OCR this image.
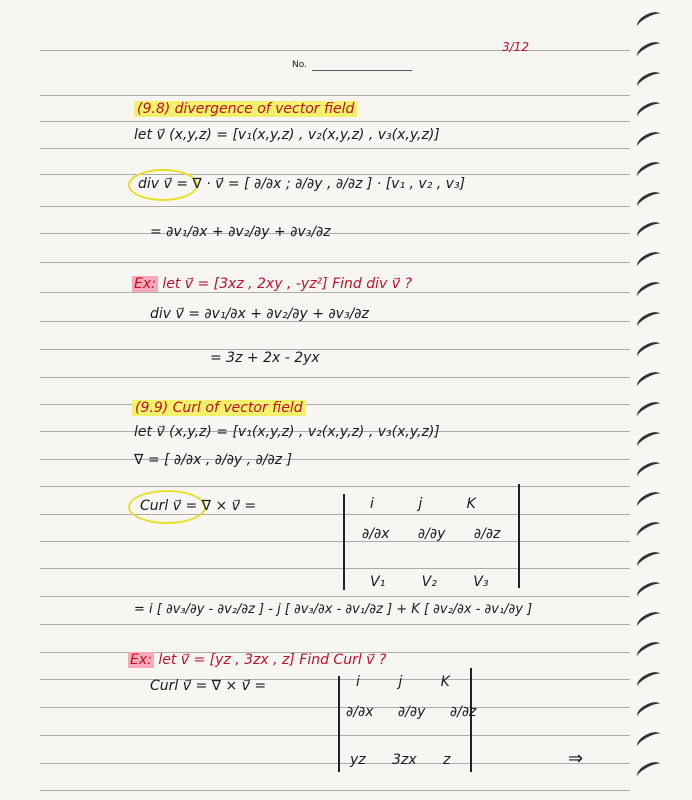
No.
3/12
(9.8) divergence of vector field
let v⃗ (x,y,z) = [v₁(x,y,z) , v₂(x,y,z) , v₃(x,y,z)]
div v⃗ = ∇ · v⃗ = [ ∂/∂x ; ∂/∂y , ∂/∂z ] · [v₁ , v₂ , v₃]
= ∂v₁/∂x + ∂v₂/∂y + ∂v₃/∂z
Ex: let v⃗ = [3xz , 2xy , -yz²] Find div v⃗ ?
div v⃗ = ∂v₁/∂x + ∂v₂/∂y + ∂v₃/∂z
= 3z + 2x - 2yx
(9.9) Curl of vector field
let v⃗ (x,y,z) = [v₁(x,y,z) , v₂(x,y,z) , v₃(x,y,z)]
∇ = [ ∂/∂x , ∂/∂y , ∂/∂z ]
Curl v⃗ = ∇ × v⃗ =	i j K
∂/∂x ∂/∂y ∂/∂z
V₁ V₂ V₃
= i [ ∂v₃/∂y - ∂v₂/∂z ] - j [ ∂v₃/∂x - ∂v₁/∂z ] + K [ ∂v₂/∂x - ∂v₁/∂y ]
Ex: let v⃗ = [yz , 3zx , z] Find Curl v⃗ ?
Curl v⃗ = ∇ × v⃗ =	i j K
∂/∂x ∂/∂y ∂/∂z
yz 3zx z	⇒
